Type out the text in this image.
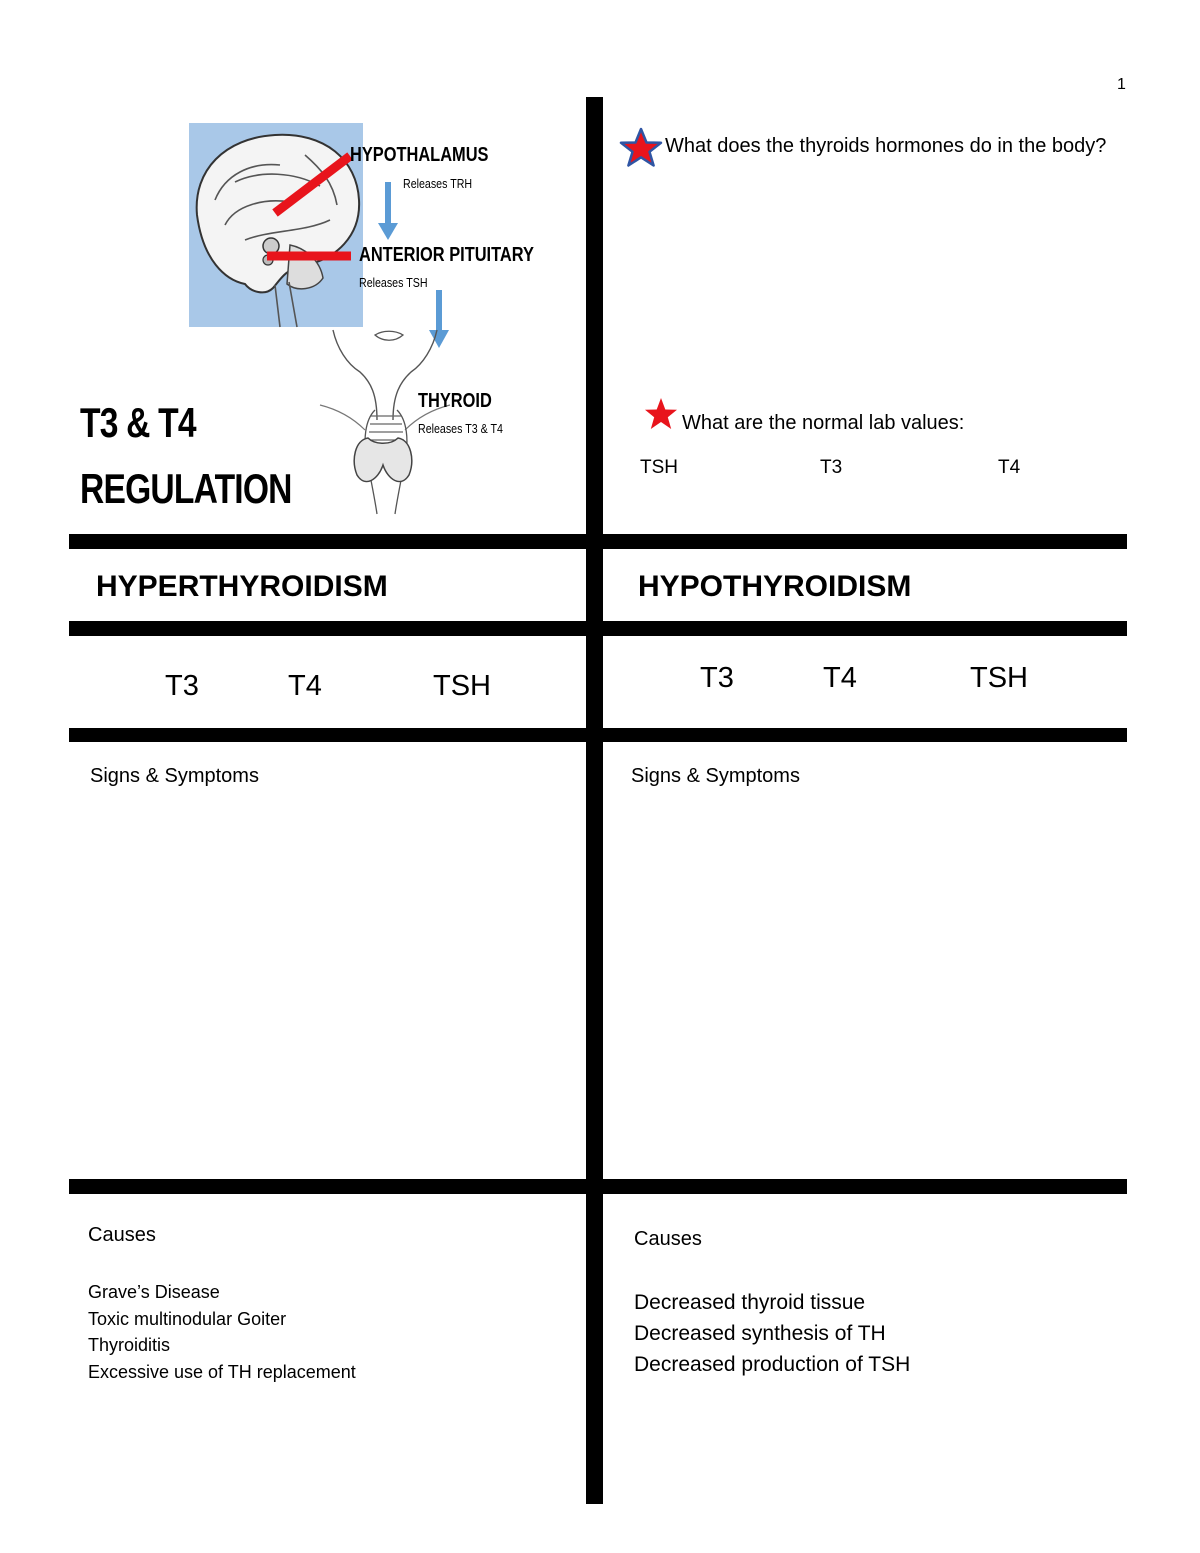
1
HYPOTHALAMUS
Releases TRH
ANTERIOR PITUITARY
Releases TSH
THYROID
Releases T3 & T4
T3 & T4
REGULATION
What does the thyroids hormones do in the body?
What are the normal lab values:
TSH	T3	T4
HYPERTHYROIDISM	HYPOTHYROIDISM
T3	T4	TSH	T3	T4	TSH
Signs & Symptoms	Signs & Symptoms
Causes
Grave’s Disease
Toxic multinodular Goiter
Thyroiditis
Excessive use of TH replacement
Causes
Decreased thyroid tissue
Decreased synthesis of TH
Decreased production of TSH
